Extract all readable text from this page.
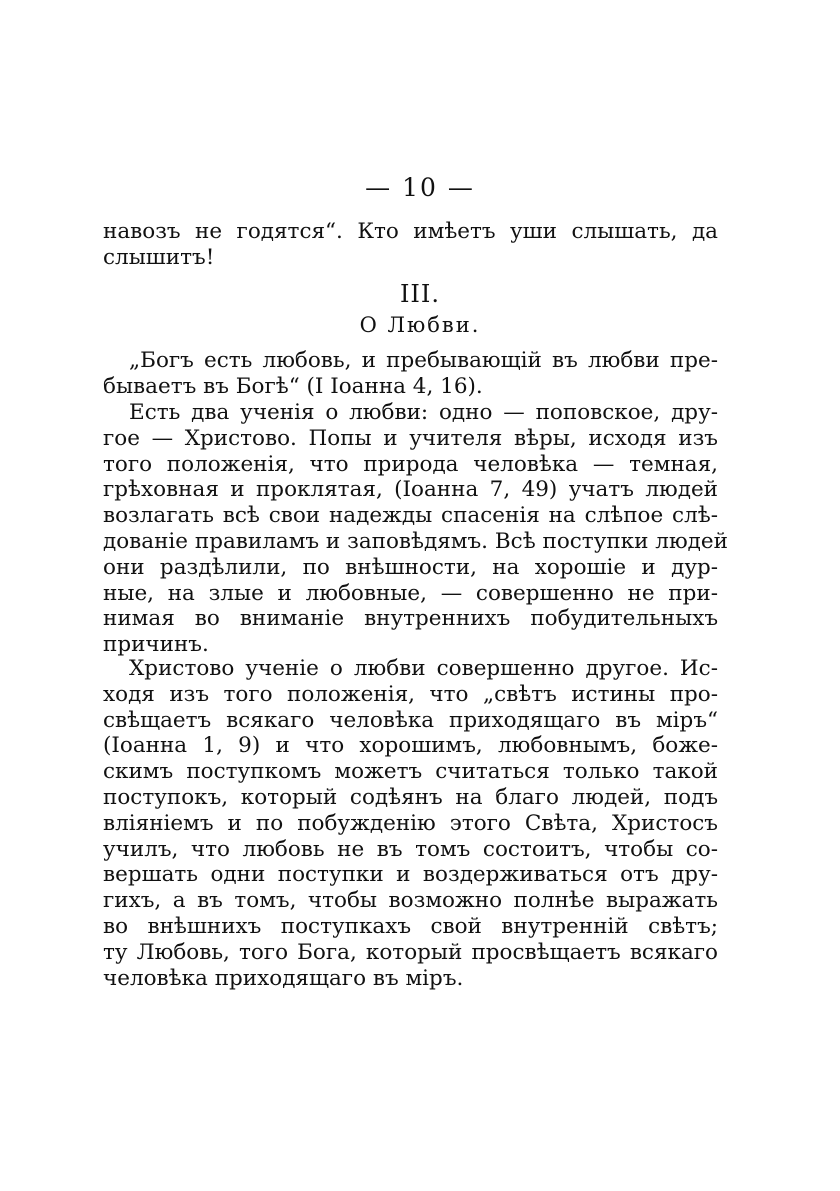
— 10 —
навозъ не годятся“. Кто имѣетъ уши слышать, да
слышитъ!
III.
О Любви.
„Богъ есть любовь, и пребывающій въ любви пре-
бываетъ въ Богѣ“ (I Іоанна 4, 16).
Есть два ученія о любви: одно — поповское, дру-
гое — Христово. Попы и учителя вѣры, исходя изъ
того положенія, что природа человѣка — темная,
грѣховная и проклятая, (Іоанна 7, 49) учатъ людей
возлагать всѣ свои надежды спасенія на слѣпое слѣ-
дованіе правиламъ и заповѣдямъ. Всѣ поступки людей
они раздѣлили, по внѣшности, на хорошіе и дур-
ные, на злые и любовные, — совершенно не при-
нимая во вниманіе внутреннихъ побудительныхъ
причинъ.
Христово ученіе о любви совершенно другое. Ис-
ходя изъ того положенія, что „свѣтъ истины про-
свѣщаетъ всякаго человѣка приходящаго въ міръ“
(Іоанна 1, 9) и что хорошимъ, любовнымъ, боже-
скимъ поступкомъ можетъ считаться только такой
поступокъ, который содѣянъ на благо людей, подъ
вліяніемъ и по побужденію этого Свѣта, Христосъ
училъ, что любовь не въ томъ состоитъ, чтобы со-
вершать одни поступки и воздерживаться отъ дру-
гихъ, а въ томъ, чтобы возможно полнѣе выражать
во внѣшнихъ поступкахъ свой внутренній свѣтъ;
ту Любовь, того Бога, который просвѣщаетъ всякаго
человѣка приходящаго въ міръ.
